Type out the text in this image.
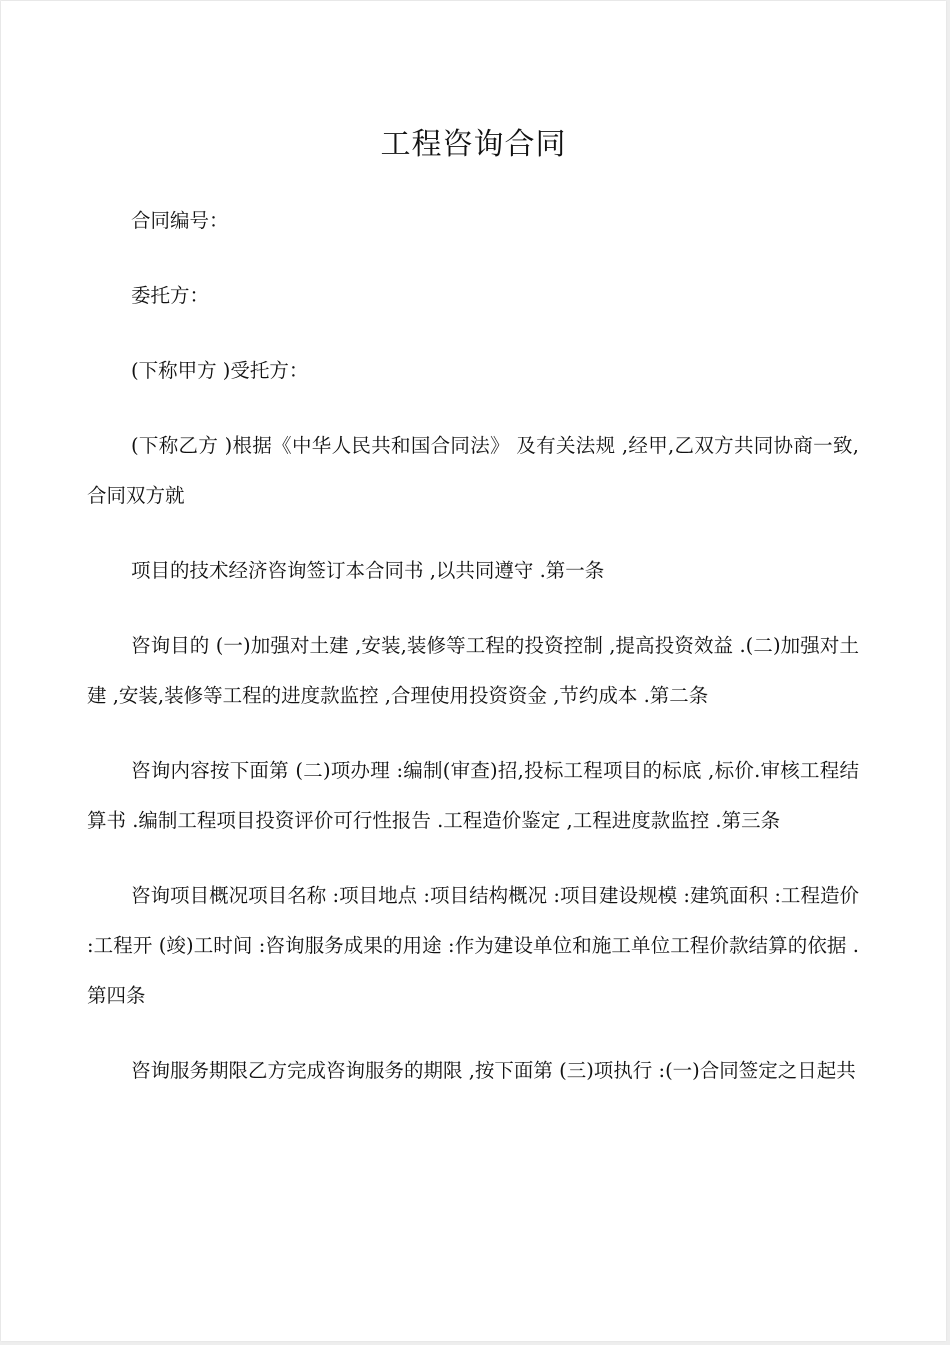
工程咨询合同

合同编号：

委托方：

(下称甲方 )受托方：

(下称乙方 )根据《中华人民共和国合同法》 及有关法规 ,经甲,乙双方共同协商一致,合同双方就

项目的技术经济咨询签订本合同书 ,以共同遵守 .第一条

咨询目的 (一)加强对土建 ,安装,装修等工程的投资控制 ,提高投资效益 .(二)加强对土建 ,安装,装修等工程的进度款监控 ,合理使用投资资金 ,节约成本 .第二条

咨询内容按下面第 (二)项办理 :编制(审查)招,投标工程项目的标底 ,标价.审核工程结算书 .编制工程项目投资评价可行性报告 .工程造价鉴定 ,工程进度款监控 .第三条

咨询项目概况项目名称 :项目地点 :项目结构概况 :项目建设规模 :建筑面积 :工程造价 :工程开 (竣)工时间 :咨询服务成果的用途 :作为建设单位和施工单位工程价款结算的依据 .第四条

咨询服务期限乙方完成咨询服务的期限 ,按下面第 (三)项执行 :(一)合同签定之日起共
